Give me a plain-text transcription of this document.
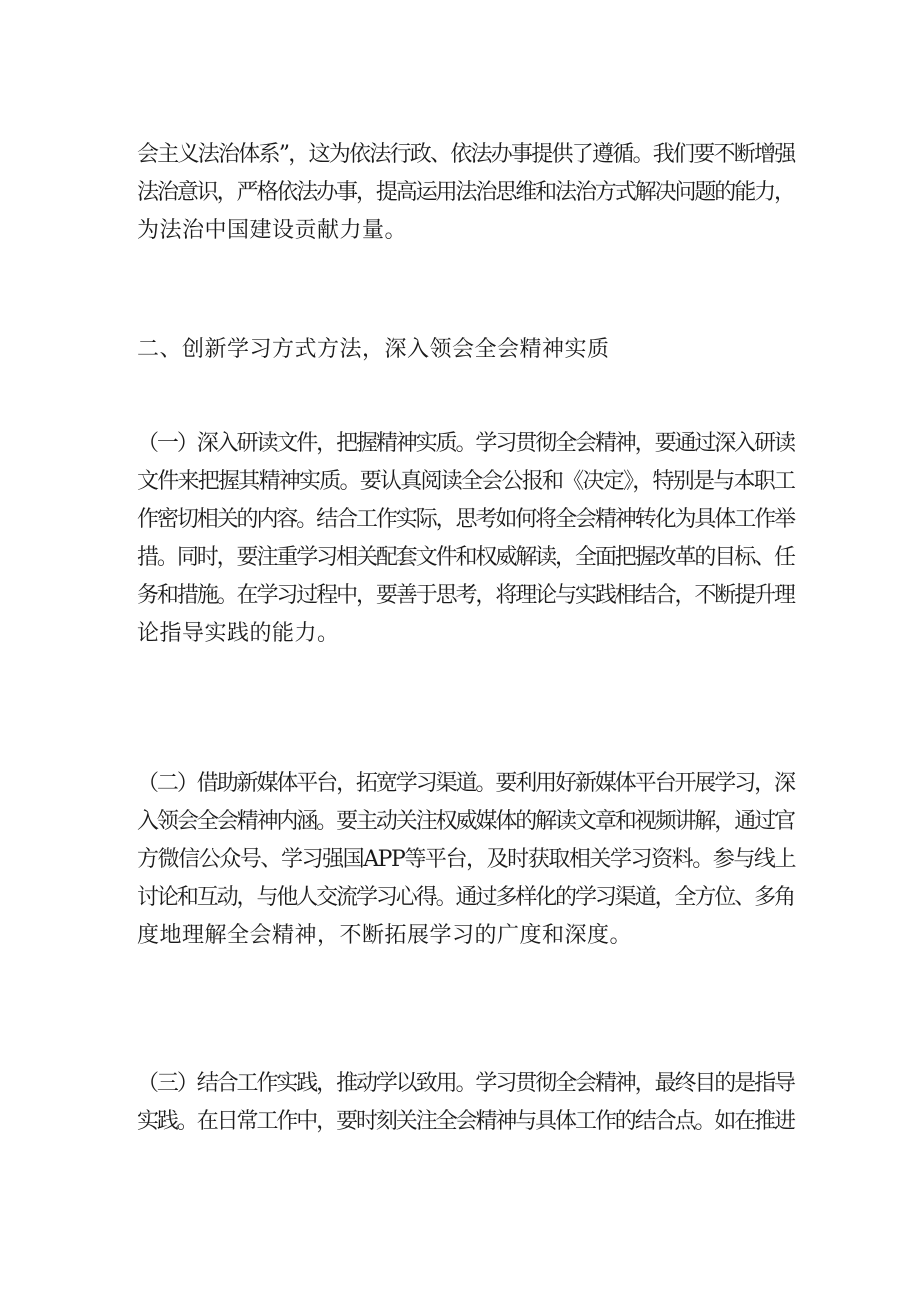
会主义法治体系”，这为依法行政、依法办事提供了遵循。我们要不断增强
法治意识，严格依法办事，提高运用法治思维和法治方式解决问题的能力，
为法治中国建设贡献力量。

二、创新学习方式方法，深入领会全会精神实质

（一）深入研读文件，把握精神实质。学习贯彻全会精神，要通过深入研读
文件来把握其精神实质。要认真阅读全会公报和《决定》，特别是与本职工
作密切相关的内容。结合工作实际，思考如何将全会精神转化为具体工作举
措。同时，要注重学习相关配套文件和权威解读，全面把握改革的目标、任
务和措施。在学习过程中，要善于思考，将理论与实践相结合，不断提升理
论指导实践的能力。

（二）借助新媒体平台，拓宽学习渠道。要利用好新媒体平台开展学习，深
入领会全会精神内涵。要主动关注权威媒体的解读文章和视频讲解，通过官
方微信公众号、学习强国APP等平台，及时获取相关学习资料。参与线上
讨论和互动，与他人交流学习心得。通过多样化的学习渠道，全方位、多角
度地理解全会精神，不断拓展学习的广度和深度。

（三）结合工作实践，推动学以致用。学习贯彻全会精神，最终目的是指导
实践。在日常工作中，要时刻关注全会精神与具体工作的结合点。如在推进
